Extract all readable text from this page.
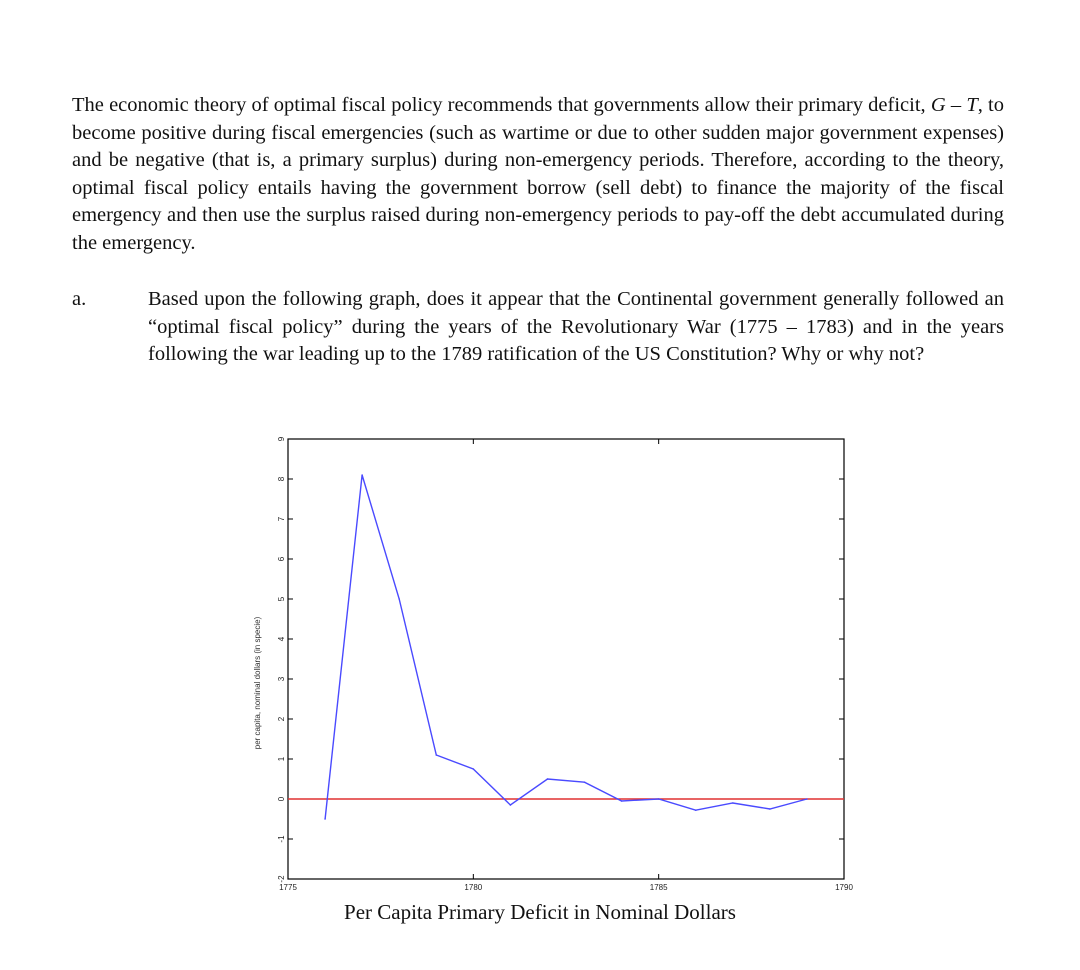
The economic theory of optimal fiscal policy recommends that governments allow their primary deficit, G – T, to become positive during fiscal emergencies (such as wartime or due to other sudden major government expenses) and be negative (that is, a primary surplus) during non-emergency periods. Therefore, according to the theory, optimal fiscal policy entails having the government borrow (sell debt) to finance the majority of the fiscal emergency and then use the surplus raised during non-emergency periods to pay-off the debt accumulated during the emergency.

a.	Based upon the following graph, does it appear that the Continental government generally followed an “optimal fiscal policy” during the years of the Revolutionary War (1775 – 1783) and in the years following the war leading up to the 1789 ratification of the US Constitution? Why or why not?

-2
-1
0
1
2
3
4
5
6
7
8
9
1775	1780	1785	1790
per capita, nominal dollars (in specie)
Per Capita Primary Deficit in Nominal Dollars
